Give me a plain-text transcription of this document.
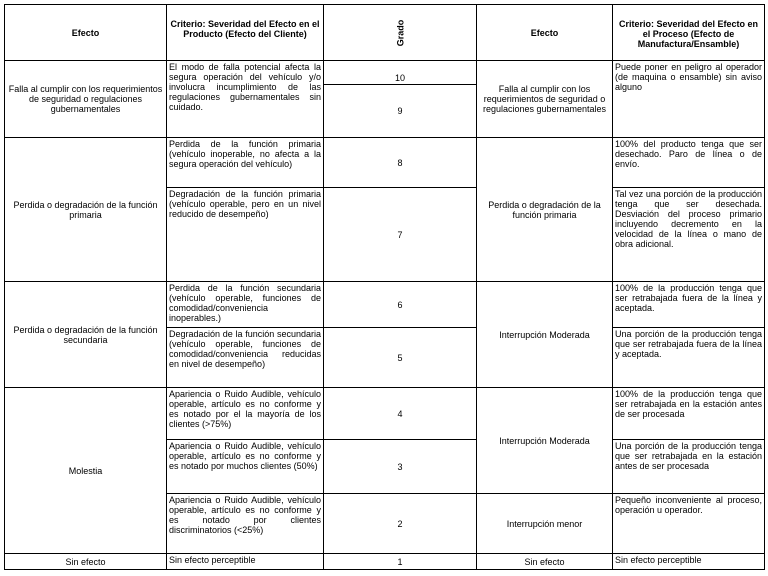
Efecto	Criterio: Severidad del Efecto en el Producto (Efecto del Cliente)	Grado	Efecto	Criterio: Severidad del Efecto en el Proceso (Efecto de Manufactura/Ensamble)
Falla al cumplir con los requerimientos de seguridad o regulaciones gubernamentales	El modo de falla potencial afecta la segura operación del vehículo y/o involucra incumplimiento de las regulaciones gubernamentales sin cuidado.	10	Falla al cumplir con los requerimientos de seguridad o regulaciones gubernamentales	Puede poner en peligro al operador (de maquina o ensamble) sin aviso alguno
		9		
Perdida o degradación de la función primaria	Perdida de la función primaria (vehículo inoperable, no afecta a la segura operación del vehículo)	8	Perdida o degradación de la función primaria	100% del producto tenga que ser desechado. Paro de línea o de envío.
	Degradación de la función primaria (vehículo operable, pero en un nivel reducido de desempeño)	7		Tal vez una porción de la producción tenga que ser desechada. Desviación del proceso primario incluyendo decremento en la velocidad de la línea o mano de obra adicional.
Perdida o degradación de la función secundaria	Perdida de la función secundaria (vehículo operable, funciones de comodidad/conveniencia inoperables.)	6	Interrupción Moderada	100% de la producción tenga que ser retrabajada fuera de la línea y aceptada.
	Degradación de la función secundaria (vehículo operable, funciones de comodidad/conveniencia reducidas en nivel de desempeño)	5		Una porción de la producción tenga que ser retrabajada fuera de la línea y aceptada.
Molestia	Apariencia o Ruido Audible, vehículo operable, artículo es no conforme y es notado por el la mayoría de los clientes (>75%)	4	Interrupción Moderada	100% de la producción tenga que ser retrabajada en la estación antes de ser procesada
	Apariencia o Ruido Audible, vehículo operable, artículo es no conforme y es notado por muchos clientes (50%)	3		Una porción de la producción tenga que ser retrabajada en la estación antes de ser procesada
	Apariencia o Ruido Audible, vehículo operable, artículo es no conforme y es notado por clientes discriminatorios (<25%)	2	Interrupción menor	Pequeño inconveniente al proceso, operación u operador.
Sin efecto	Sin efecto perceptible	1	Sin efecto	Sin efecto perceptible
